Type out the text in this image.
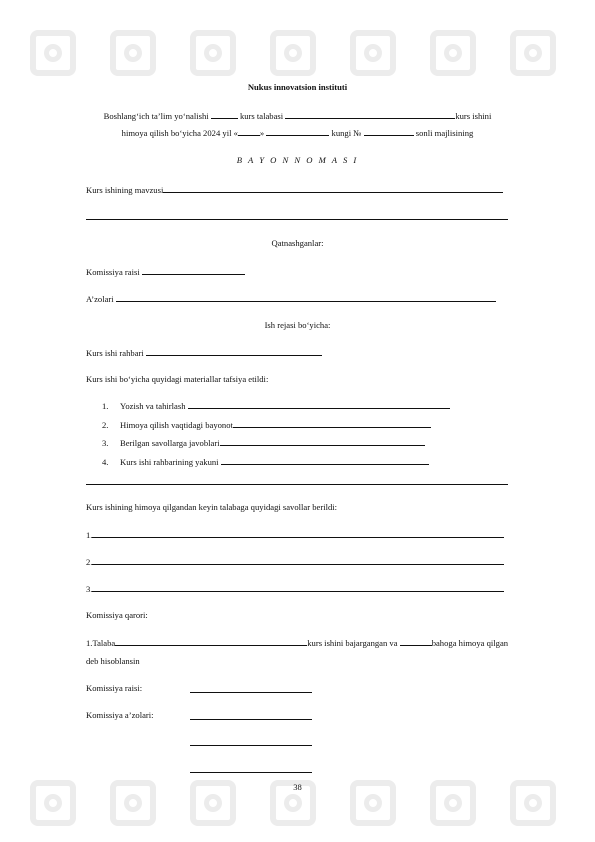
Nukus innovatsion instituti
Boshlang‘ich ta’lim yo‘nalishi	kurs talabasi	kurs ishini
himoya qilish bo‘yicha 2024 yil «	»	kungi №	sonli majlisining
B A Y O N N O M A S I
Kurs ishining mavzusi
Qatnashganlar:
Komissiya raisi
A’zolari
Ish rejasi bo‘yicha:
Kurs ishi rahbari
Kurs ishi bo‘yicha quyidagi materiallar tafsiya etildi:
1. Yozish va tahirlash
2. Himoya qilish vaqtidagi bayonot
3. Berilgan savollarga javoblari
4. Kurs ishi rahbarining yakuni
Kurs ishining himoya qilgandan keyin talabaga quyidagi savollar berildi:
1.
2.
3.
Komissiya qarori:
1.Talaba	kurs ishini bajargangan va	bahoga himoya qilgan
deb hisoblansin
Komissiya raisi:
Komissiya a’zolari:
38
